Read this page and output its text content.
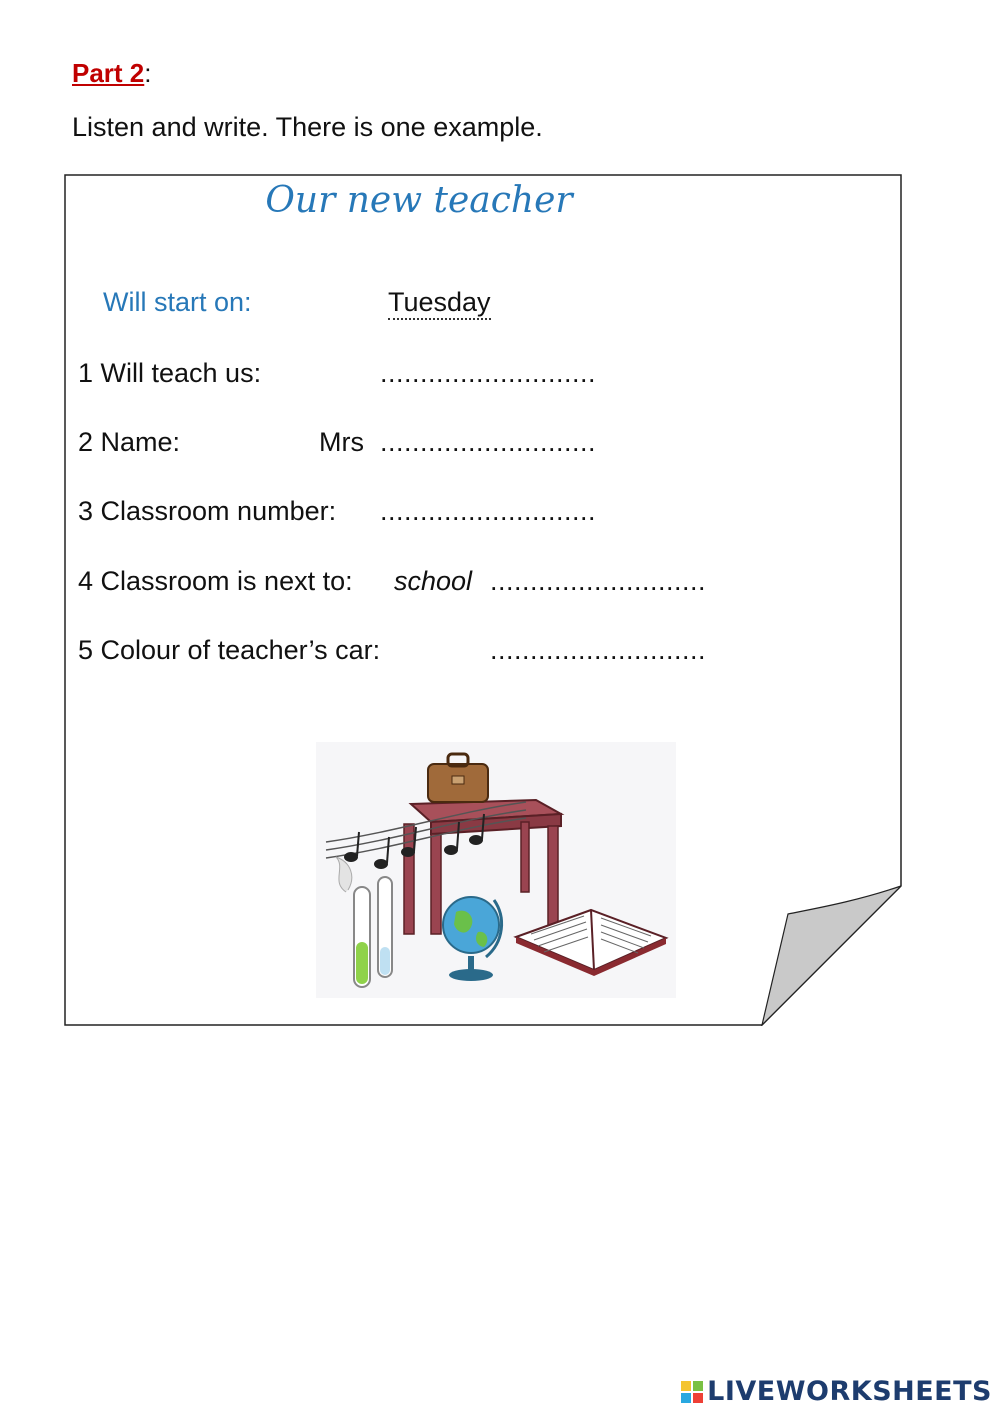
Part 2:
Listen and write. There is one example.
Our new teacher
Will start on:	Tuesday
1 Will teach us:	...........................
2 Name:	Mrs ...........................
3 Classroom number: ...........................
4 Classroom is next to: school ...........................
5 Colour of teacher’s car:	...........................
LIVEWORKSHEETS
